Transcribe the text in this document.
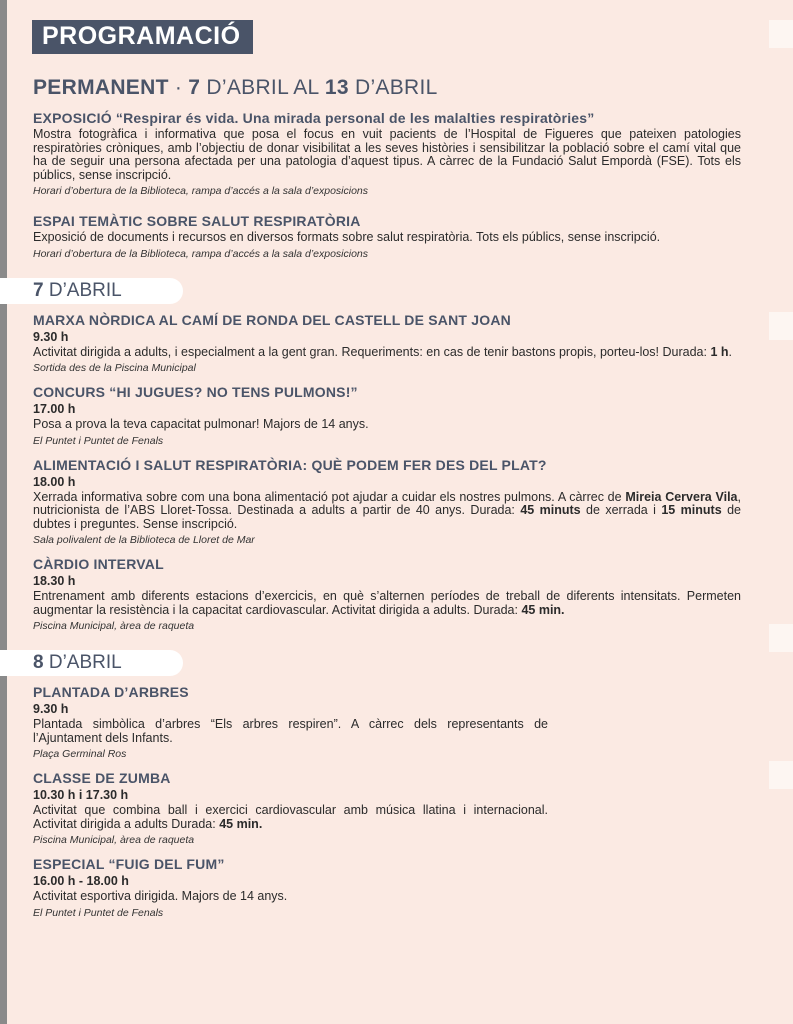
PROGRAMACIÓ
PERMANENT · 7 D’ABRIL AL 13 D’ABRIL
EXPOSICIÓ “Respirar és vida. Una mirada personal de les malalties respiratòries”
Mostra fotogràfica i informativa que posa el focus en vuit pacients de l’Hospital de Figueres que pateixen patologies respiratòries cròniques, amb l’objectiu de donar visibilitat a les seves històries i sensibilitzar la població sobre el camí vital que ha de seguir una persona afectada per una patologia d’aquest tipus. A càrrec de la Fundació Salut Empordà (FSE). Tots els públics, sense inscripció.
Horari d’obertura de la Biblioteca, rampa d’accés a la sala d’exposicions
ESPAI TEMÀTIC SOBRE SALUT RESPIRATÒRIA
Exposició de documents i recursos en diversos formats sobre salut respiratòria. Tots els públics, sense inscripció.
Horari d’obertura de la Biblioteca, rampa d’accés a la sala d’exposicions
7 D’ABRIL
MARXA NÒRDICA AL CAMÍ DE RONDA DEL CASTELL DE SANT JOAN
9.30 h
Activitat dirigida a adults, i especialment a la gent gran. Requeriments: en cas de tenir bastons propis, porteu-los! Durada: 1 h.
Sortida des de la Piscina Municipal
CONCURS “HI JUGUES? NO TENS PULMONS!”
17.00 h
Posa a prova la teva capacitat pulmonar! Majors de 14 anys.
El Puntet i Puntet de Fenals
ALIMENTACIÓ I SALUT RESPIRATÒRIA: QUÈ PODEM FER DES DEL PLAT?
18.00 h
Xerrada informativa sobre com una bona alimentació pot ajudar a cuidar els nostres pulmons. A càrrec de Mireia Cervera Vila, nutricionista de l’ABS Lloret-Tossa. Destinada a adults a partir de 40 anys. Durada: 45 minuts de xerrada i 15 minuts de dubtes i preguntes. Sense inscripció.
Sala polivalent de la Biblioteca de Lloret de Mar
CÀRDIO INTERVAL
18.30 h
Entrenament amb diferents estacions d’exercicis, en què s’alternen períodes de treball de diferents intensitats. Permeten augmentar la resistència i la capacitat cardiovascular. Activitat dirigida a adults. Durada: 45 min.
Piscina Municipal, àrea de raqueta
8 D’ABRIL
PLANTADA D’ARBRES
9.30 h
Plantada simbòlica d’arbres “Els arbres respiren”. A càrrec dels representants de l’Ajuntament dels Infants.
Plaça Germinal Ros
CLASSE DE ZUMBA
10.30 h i 17.30 h
Activitat que combina ball i exercici cardiovascular amb música llatina i internacional. Activitat dirigida a adults Durada: 45 min.
Piscina Municipal, àrea de raqueta
ESPECIAL “FUIG DEL FUM”
16.00 h - 18.00 h
Activitat esportiva dirigida. Majors de 14 anys.
El Puntet i Puntet de Fenals
